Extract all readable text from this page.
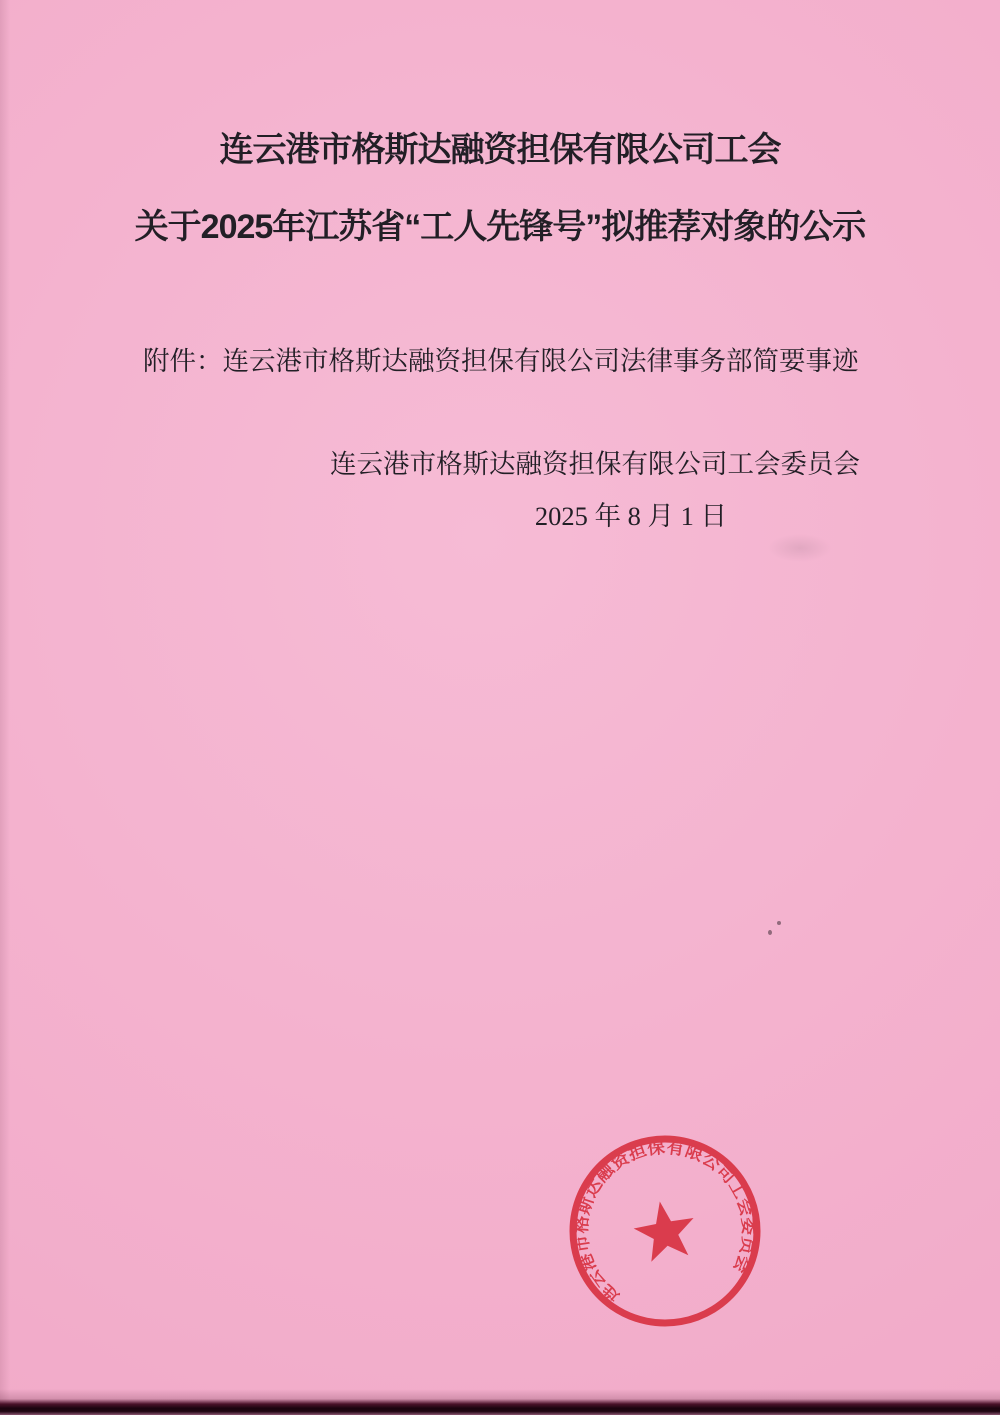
连云港市格斯达融资担保有限公司工会
关于2025年江苏省“工人先锋号”拟推荐对象的公示
附件：连云港市格斯达融资担保有限公司法律事务部简要事迹
连云港市格斯达融资担保有限公司工会委员会
2025 年 8 月 1 日
连云港市格斯达融资担保有限公司工会委员会
